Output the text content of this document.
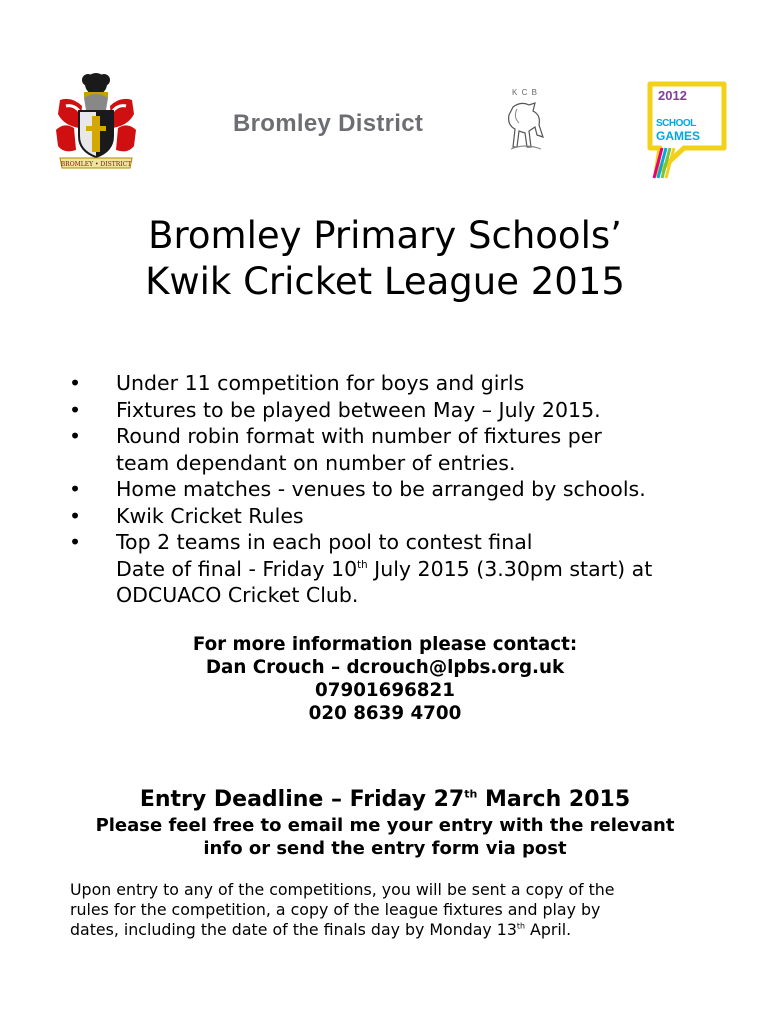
BROMLEY • DISTRICT
Bromley District
K C B	2012
SCHOOL
GAMES
Bromley Primary Schools’
Kwik Cricket League 2015
• Under 11 competition for boys and girls
• Fixtures to be played between May – July 2015.
• Round robin format with number of fixtures per
team dependant on number of entries.
• Home matches - venues to be arranged by schools.
• Kwik Cricket Rules
• Top 2 teams in each pool to contest final
Date of final - Friday 10th July 2015 (3.30pm start) at
ODCUACO Cricket Club.
For more information please contact:
Dan Crouch – dcrouch@lpbs.org.uk
07901696821
020 8639 4700
Entry Deadline – Friday 27th March 2015
Please feel free to email me your entry with the relevant
info or send the entry form via post
Upon entry to any of the competitions, you will be sent a copy of the
rules for the competition, a copy of the league fixtures and play by
dates, including the date of the finals day by Monday 13th April.
